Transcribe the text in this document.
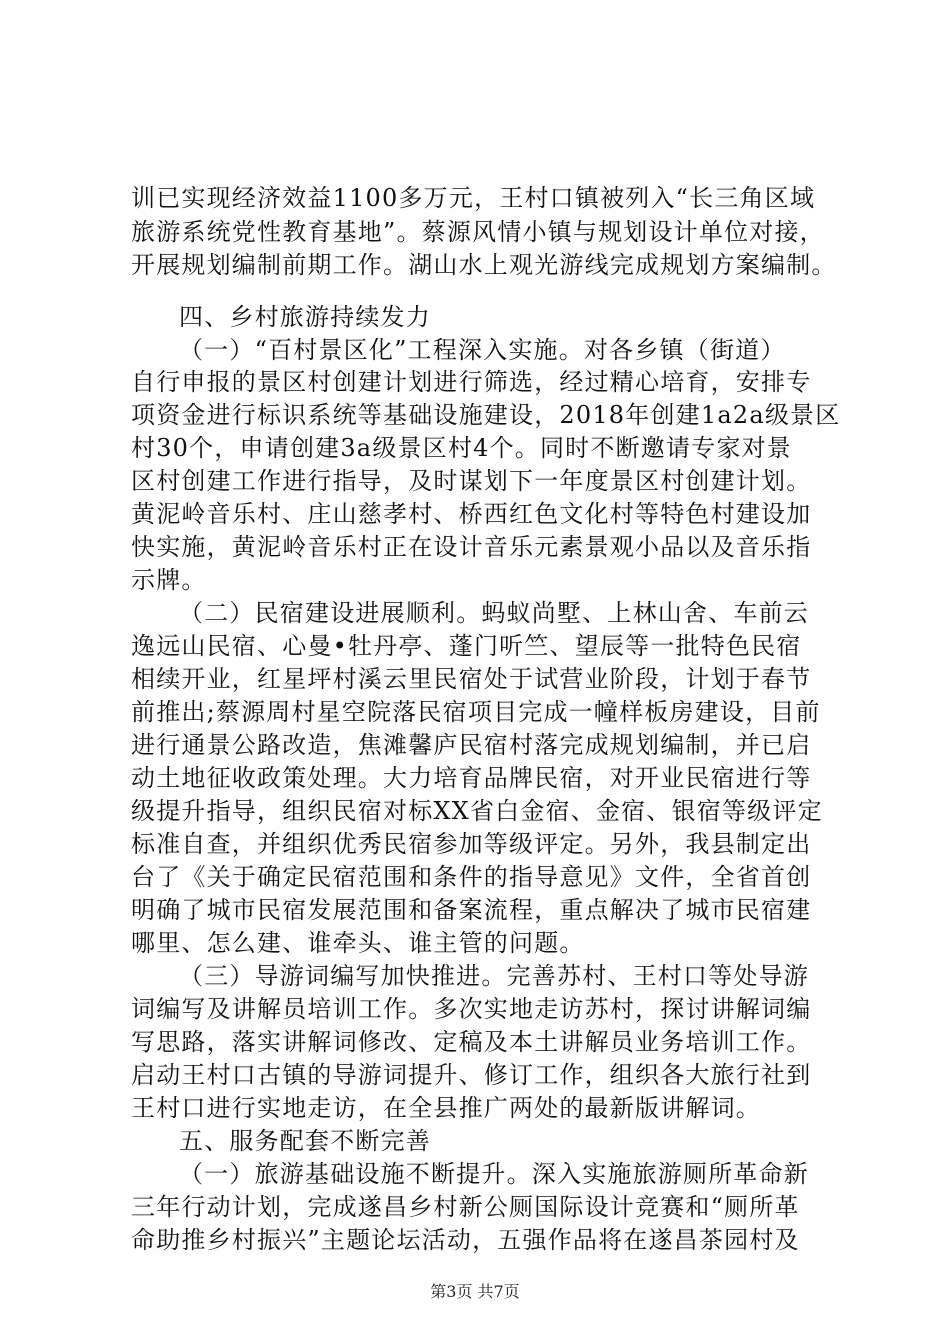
训已实现经济效益1100多万元，王村口镇被列入“长三角区域
旅游系统党性教育基地”。蔡源风情小镇与规划设计单位对接，
开展规划编制前期工作。湖山水上观光游线完成规划方案编制。
四、乡村旅游持续发力
（一）“百村景区化”工程深入实施。对各乡镇（街道）
自行申报的景区村创建计划进行筛选，经过精心培育，安排专
项资金进行标识系统等基础设施建设，2018年创建1a2a级景区
村30个，申请创建3a级景区村4个。同时不断邀请专家对景
区村创建工作进行指导，及时谋划下一年度景区村创建计划。
黄泥岭音乐村、庄山慈孝村、桥西红色文化村等特色村建设加
快实施，黄泥岭音乐村正在设计音乐元素景观小品以及音乐指
示牌。
（二）民宿建设进展顺利。蚂蚁尚墅、上林山舍、车前云
逸远山民宿、心曼•牡丹亭、蓬门听竺、望辰等一批特色民宿
相续开业，红星坪村溪云里民宿处于试营业阶段，计划于春节
前推出;蔡源周村星空院落民宿项目完成一幢样板房建设，目前
进行通景公路改造，焦滩馨庐民宿村落完成规划编制，并已启
动土地征收政策处理。大力培育品牌民宿，对开业民宿进行等
级提升指导，组织民宿对标XX省白金宿、金宿、银宿等级评定
标准自查，并组织优秀民宿参加等级评定。另外，我县制定出
台了《关于确定民宿范围和条件的指导意见》文件，全省首创
明确了城市民宿发展范围和备案流程，重点解决了城市民宿建
哪里、怎么建、谁牵头、谁主管的问题。
（三）导游词编写加快推进。完善苏村、王村口等处导游
词编写及讲解员培训工作。多次实地走访苏村，探讨讲解词编
写思路，落实讲解词修改、定稿及本土讲解员业务培训工作。
启动王村口古镇的导游词提升、修订工作，组织各大旅行社到
王村口进行实地走访，在全县推广两处的最新版讲解词。
五、服务配套不断完善
（一）旅游基础设施不断提升。深入实施旅游厕所革命新
三年行动计划，完成遂昌乡村新公厕国际设计竞赛和“厕所革
命助推乡村振兴”主题论坛活动，五强作品将在遂昌茶园村及
第3页 共7页
